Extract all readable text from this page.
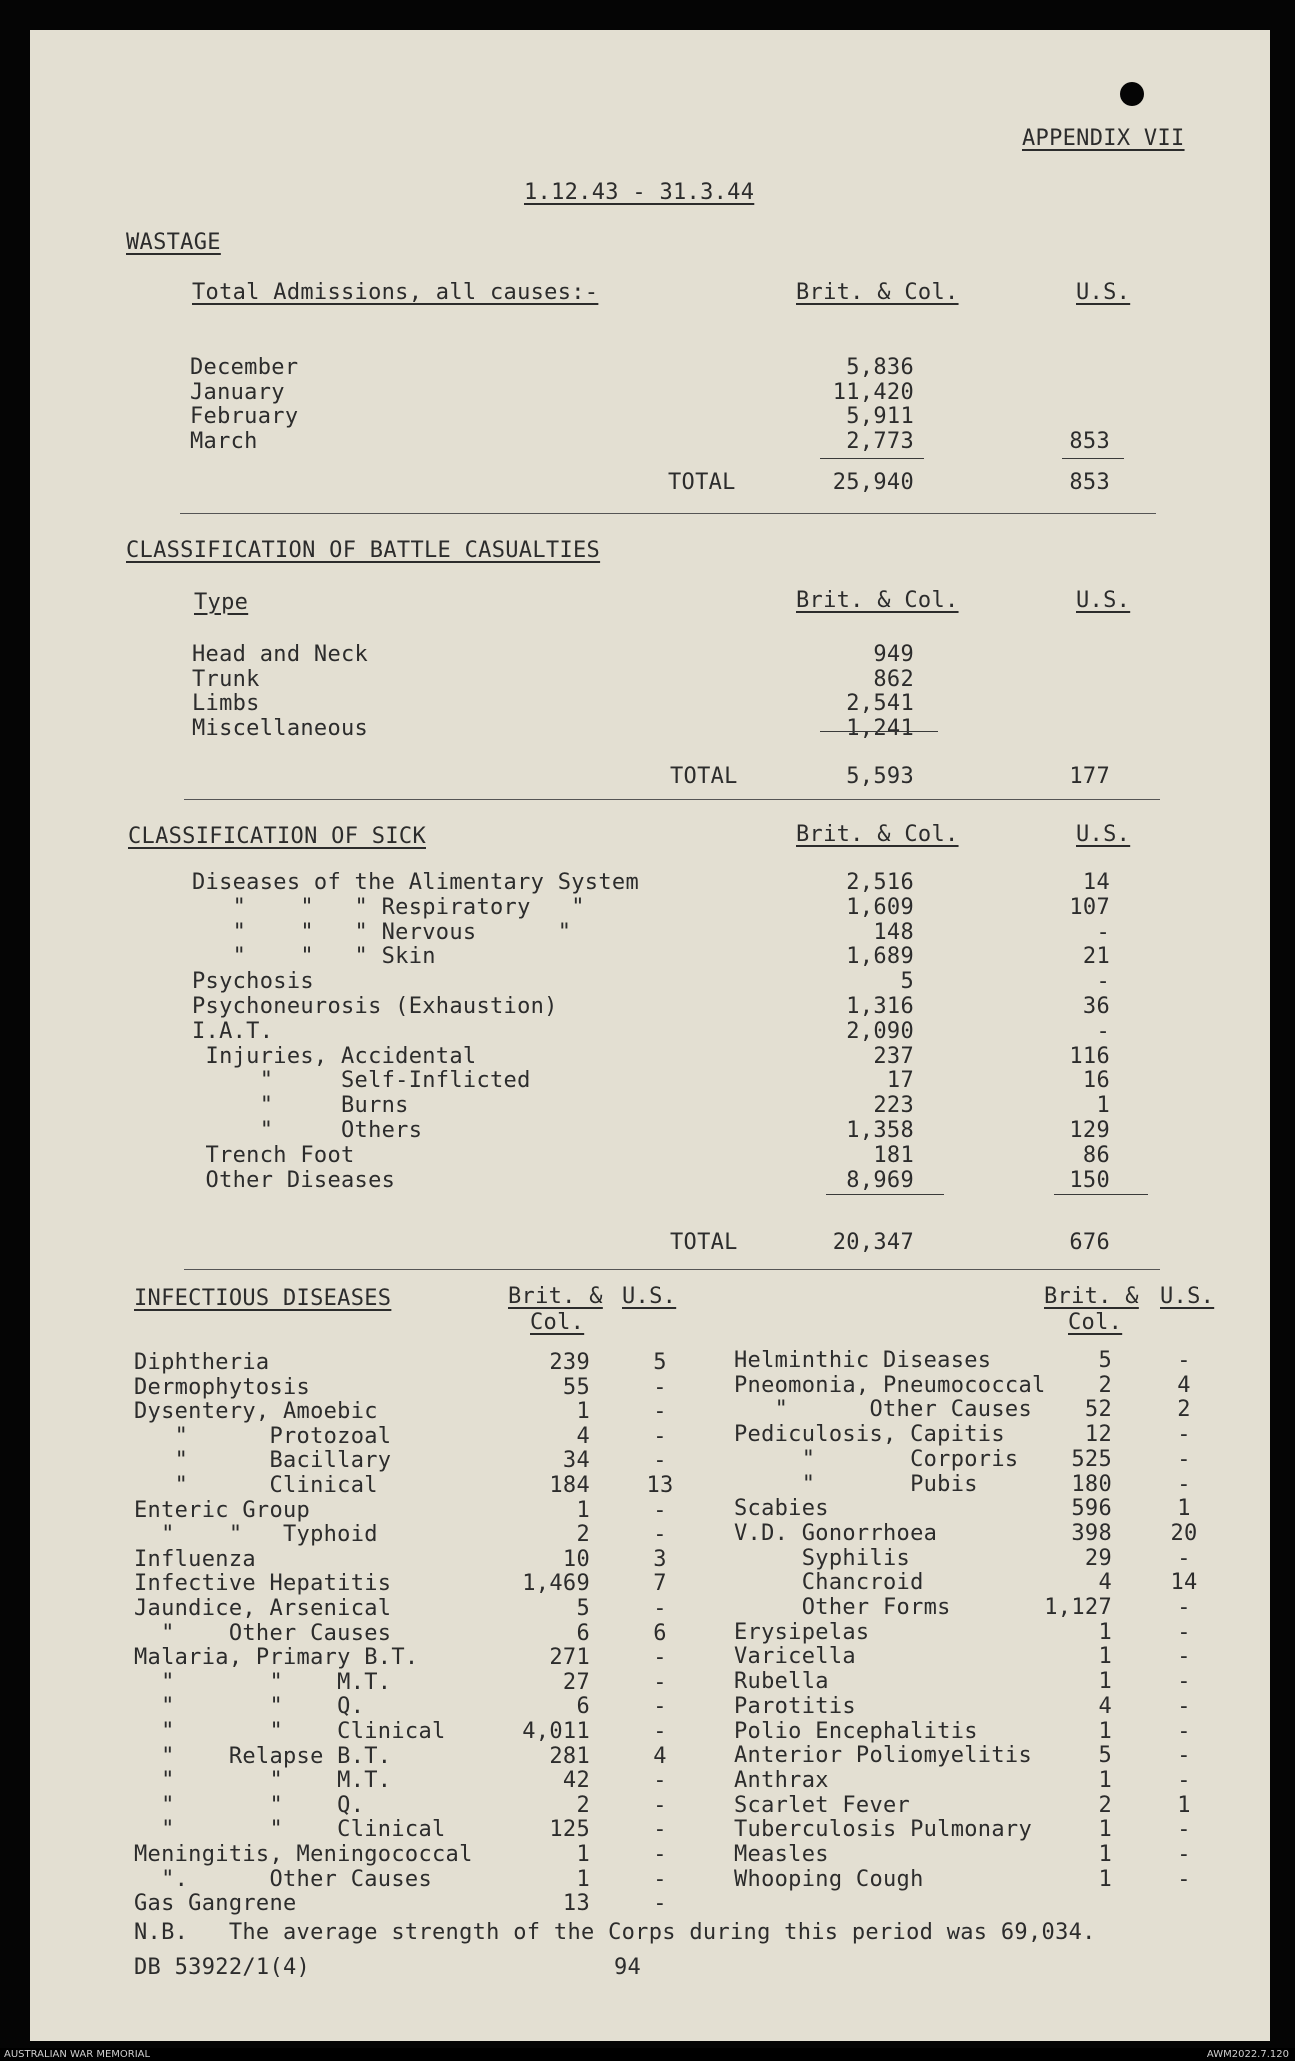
APPENDIX VII
1.12.43 - 31.3.44
WASTAGE
Total Admissions, all causes:-	Brit. & Col.	U.S.
December	5,836
January	11,420
February	5,911
March	2,773	853
TOTAL	25,940	853
CLASSIFICATION OF BATTLE CASUALTIES
Type	Brit. & Col.	U.S.
Head and Neck	949
Trunk	862
Limbs	2,541
Miscellaneous	1,241
TOTAL	5,593	177
CLASSIFICATION OF SICK	Brit. & Col.	U.S.
Diseases of the Alimentary System	2,516	14
"    "   " Respiratory   "	1,609	107
"    "   " Nervous      "	148	-
"    "   " Skin	1,689	21
Psychosis	5	-
Psychoneurosis (Exhaustion)	1,316	36
I.A.T.	2,090	-
Injuries, Accidental	237	116
"     Self-Inflicted	17	16
"     Burns	223	1
"     Others	1,358	129
Trench Foot	181	86
Other Diseases	8,969	150
TOTAL	20,347	676
INFECTIOUS DISEASES	Brit. &
Col.
U.S.	Brit. &
Col.
U.S.
Diphtheria	239	5
Dermophytosis	55	-
Dysentery, Amoebic	1	-
"      Protozoal	4	-
"      Bacillary	34	-
"      Clinical	184	13
Enteric Group	1	-
"    "   Typhoid	2	-
Influenza	10	3
Infective Hepatitis	1,469	7
Jaundice, Arsenical	5	-
"    Other Causes	6	6
Malaria, Primary B.T.	271	-
"       "    M.T.	27	-
"       "    Q.	6	-
"       "    Clinical	4,011	-
"    Relapse B.T.	281	4
"       "    M.T.	42	-
"       "    Q.	2	-
"       "    Clinical	125	-
Meningitis, Meningococcal	1	-
".      Other Causes	1	-
Gas Gangrene	13	-
Helminthic Diseases	5	-
Pneomonia, Pneumococcal	2	4
"      Other Causes	52	2
Pediculosis, Capitis	12	-
"       Corporis	525	-
"       Pubis	180	-
Scabies	596	1
V.D. Gonorrhoea	398	20
Syphilis	29	-
Chancroid	4	14
Other Forms	1,127	-
Erysipelas	1	-
Varicella	1	-
Rubella	1	-
Parotitis	4	-
Polio Encephalitis	1	-
Anterior Poliomyelitis	5	-
Anthrax	1	-
Scarlet Fever	2	1
Tuberculosis Pulmonary	1	-
Measles	1	-
Whooping Cough	1	-
N.B.   The average strength of the Corps during this period was 69,034.
DB 53922/1(4)	94
AUSTRALIAN WAR MEMORIAL	AWM2022.7.120
